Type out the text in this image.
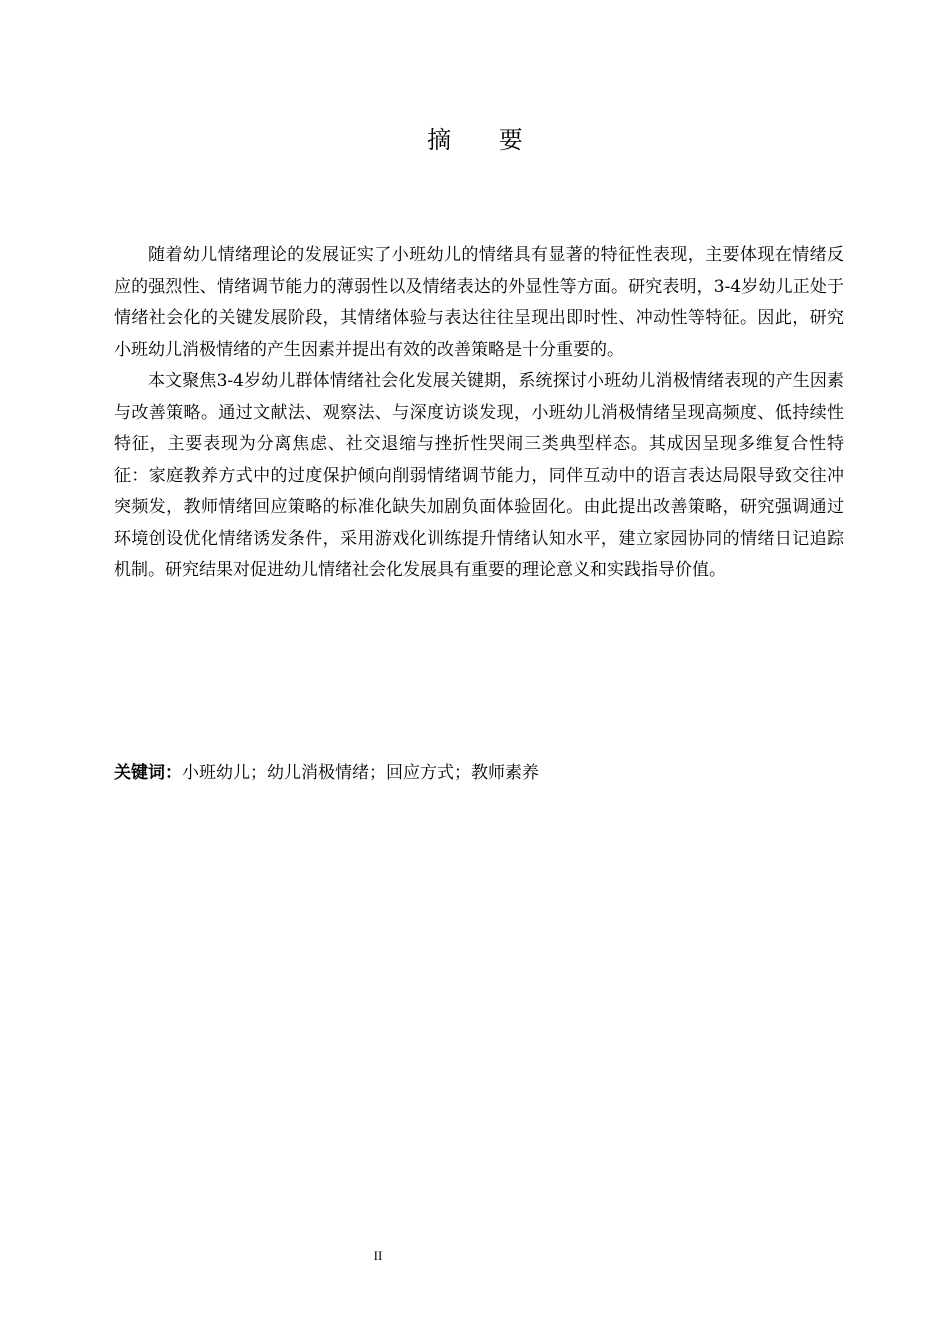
摘 要

随着幼儿情绪理论的发展证实了小班幼儿的情绪具有显著的特征性表现，主要体现在情绪反应的强烈性、情绪调节能力的薄弱性以及情绪表达的外显性等方面。研究表明，3-4岁幼儿正处于情绪社会化的关键发展阶段，其情绪体验与表达往往呈现出即时性、冲动性等特征。因此，研究小班幼儿消极情绪的产生因素并提出有效的改善策略是十分重要的。

本文聚焦3-4岁幼儿群体情绪社会化发展关键期，系统探讨小班幼儿消极情绪表现的产生因素与改善策略。通过文献法、观察法、与深度访谈发现，小班幼儿消极情绪呈现高频度、低持续性特征，主要表现为分离焦虑、社交退缩与挫折性哭闹三类典型样态。其成因呈现多维复合性特征：家庭教养方式中的过度保护倾向削弱情绪调节能力，同伴互动中的语言表达局限导致交往冲突频发，教师情绪回应策略的标准化缺失加剧负面体验固化。由此提出改善策略，研究强调通过环境创设优化情绪诱发条件，采用游戏化训练提升情绪认知水平，建立家园协同的情绪日记追踪机制。研究结果对促进幼儿情绪社会化发展具有重要的理论意义和实践指导价值。

关键词：小班幼儿；幼儿消极情绪；回应方式；教师素养
II
